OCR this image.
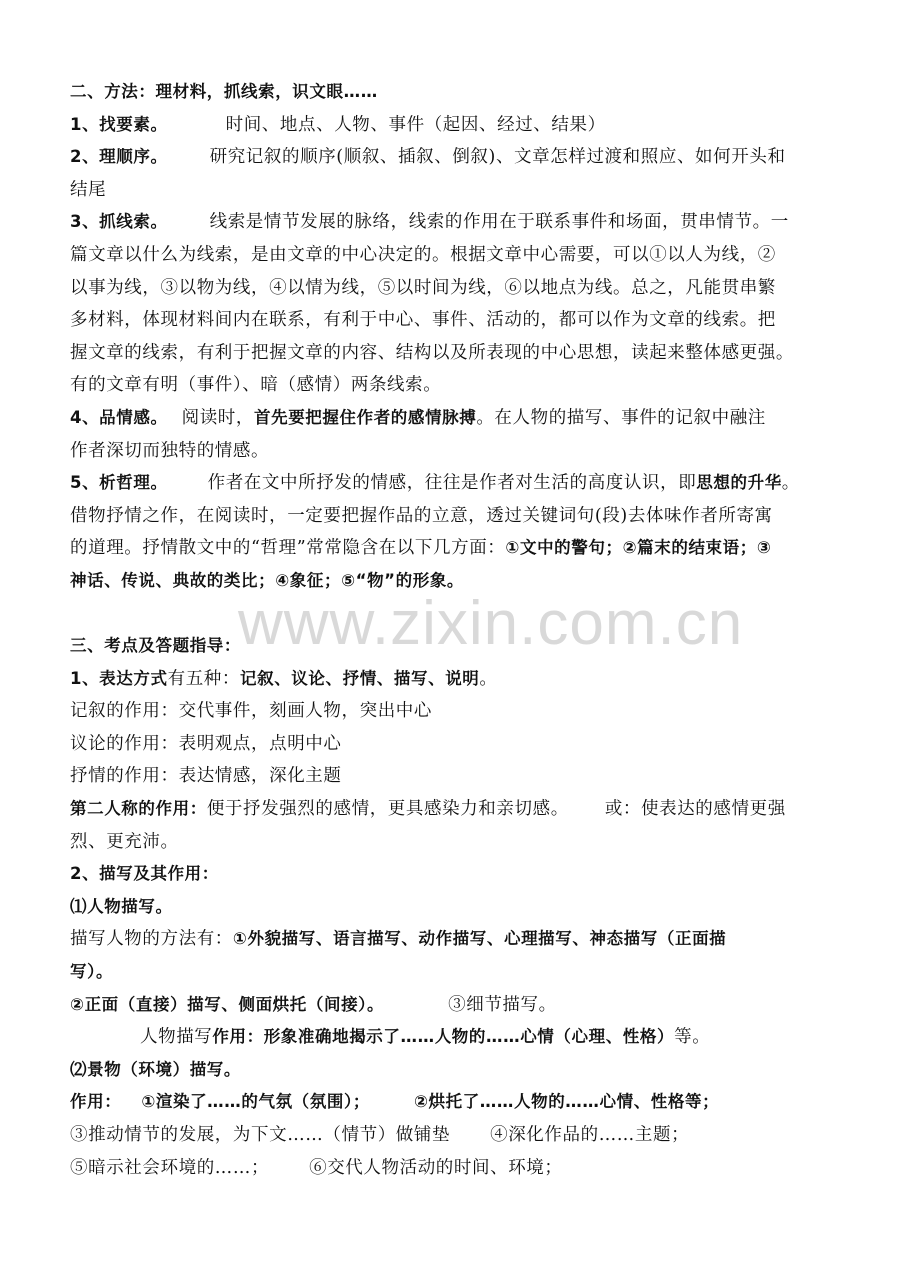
www.zixin.com.cn
二、方法：理材料，抓线索，识文眼……
1、找要素。	时间、地点、人物、事件（起因、经过、结果）
2、理顺序。 研究记叙的顺序(顺叙、插叙、倒叙)、文章怎样过渡和照应、如何开头和
结尾
3、抓线索。 线索是情节发展的脉络，线索的作用在于联系事件和场面，贯串情节。一
篇文章以什么为线索，是由文章的中心决定的。根据文章中心需要，可以①以人为线，②
以事为线，③以物为线，④以情为线，⑤以时间为线，⑥以地点为线。总之，凡能贯串繁
多材料，体现材料间内在联系，有利于中心、事件、活动的，都可以作为文章的线索。把
握文章的线索，有利于把握文章的内容、结构以及所表现的中心思想，读起来整体感更强。
有的文章有明（事件）、暗（感情）两条线索。
4、品情感。 阅读时，首先要把握住作者的感情脉搏。在人物的描写、事件的记叙中融注
作者深切而独特的情感。
5、析哲理。 作者在文中所抒发的情感，往往是作者对生活的高度认识，即思想的升华。
借物抒情之作，在阅读时，一定要把握作品的立意，透过关键词句(段)去体味作者所寄寓
的道理。抒情散文中的“哲理”常常隐含在以下几方面：①文中的警句；②篇末的结束语；③
神话、传说、典故的类比；④象征；⑤“物”的形象。
三、考点及答题指导：
1、表达方式有五种：记叙、议论、抒情、描写、说明。
记叙的作用：交代事件，刻画人物，突出中心
议论的作用：表明观点，点明中心
抒情的作用：表达情感，深化主题
第二人称的作用：便于抒发强烈的感情，更具感染力和亲切感。 或：使表达的感情更强
烈、更充沛。
2、描写及其作用：
⑴人物描写。
描写人物的方法有：①外貌描写、语言描写、动作描写、心理描写、神态描写（正面描
写）。
②正面（直接）描写、侧面烘托（间接）。	③细节描写。
人物描写作用：形象准确地揭示了……人物的……心情（心理、性格）等。
⑵景物（环境）描写。
作用： ①渲染了……的气氛（氛围）；	②烘托了……人物的……心情、性格等；
③推动情节的发展，为下文……（情节）做铺垫 ④深化作品的……主题；
⑤暗示社会环境的……； ⑥交代人物活动的时间、环境；
